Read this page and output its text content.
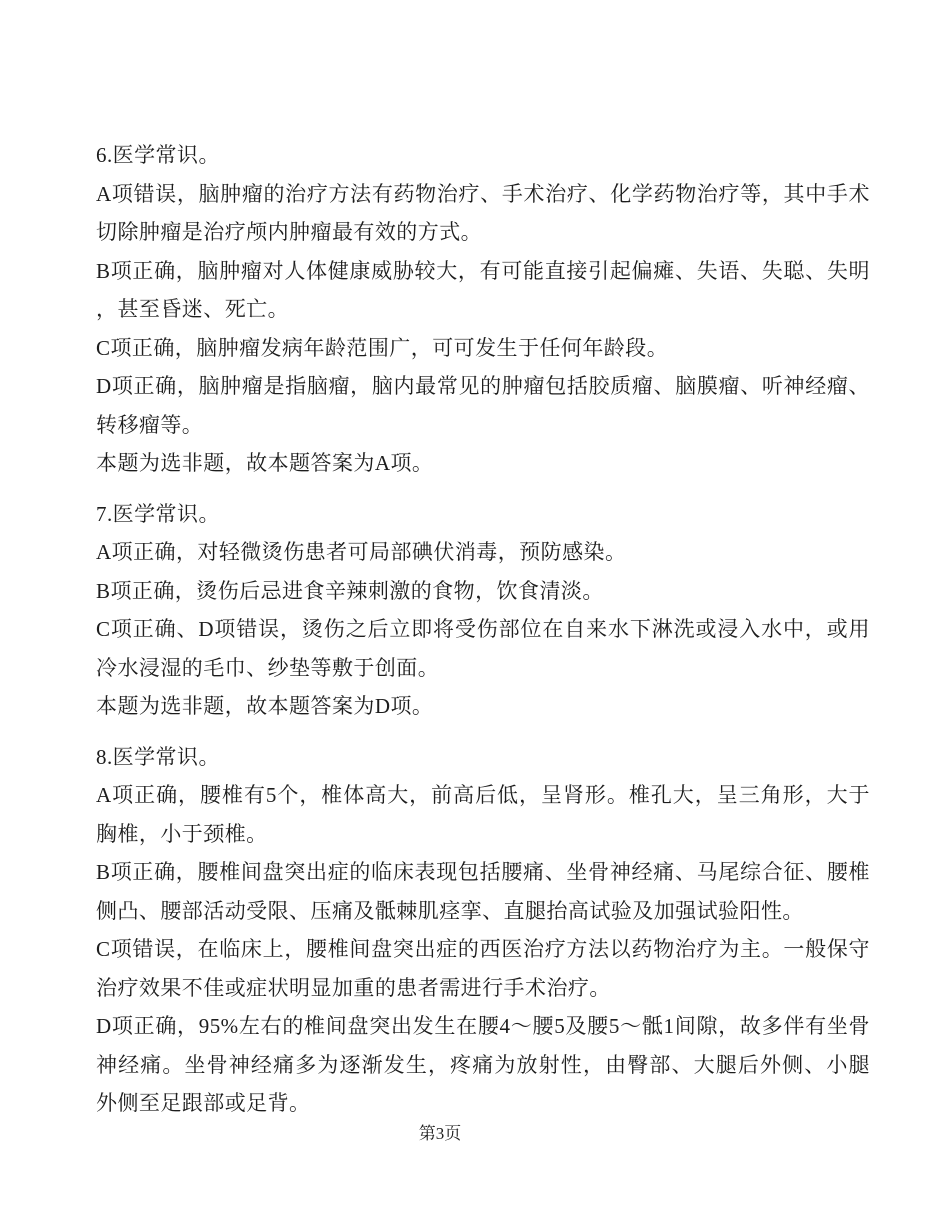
6.医学常识。
A项错误，脑肿瘤的治疗方法有药物治疗、手术治疗、化学药物治疗等，其中手术
切除肿瘤是治疗颅内肿瘤最有效的方式。
B项正确，脑肿瘤对人体健康威胁较大，有可能直接引起偏瘫、失语、失聪、失明
，甚至昏迷、死亡。
C项正确，脑肿瘤发病年龄范围广，可可发生于任何年龄段。
D项正确，脑肿瘤是指脑瘤，脑内最常见的肿瘤包括胶质瘤、脑膜瘤、听神经瘤、
转移瘤等。
本题为选非题，故本题答案为A项。
7.医学常识。
A项正确，对轻微烫伤患者可局部碘伏消毒，预防感染。
B项正确，烫伤后忌进食辛辣刺激的食物，饮食清淡。
C项正确、D项错误，烫伤之后立即将受伤部位在自来水下淋洗或浸入水中，或用
冷水浸湿的毛巾、纱垫等敷于创面。
本题为选非题，故本题答案为D项。
8.医学常识。
A项正确，腰椎有5个，椎体高大，前高后低，呈肾形。椎孔大，呈三角形，大于
胸椎，小于颈椎。
B项正确，腰椎间盘突出症的临床表现包括腰痛、坐骨神经痛、马尾综合征、腰椎
侧凸、腰部活动受限、压痛及骶棘肌痉挛、直腿抬高试验及加强试验阳性。
C项错误，在临床上，腰椎间盘突出症的西医治疗方法以药物治疗为主。一般保守
治疗效果不佳或症状明显加重的患者需进行手术治疗。
D项正确，95%左右的椎间盘突出发生在腰4～腰5及腰5～骶1间隙，故多伴有坐骨
神经痛。坐骨神经痛多为逐渐发生，疼痛为放射性，由臀部、大腿后外侧、小腿
外侧至足跟部或足背。
第3页
